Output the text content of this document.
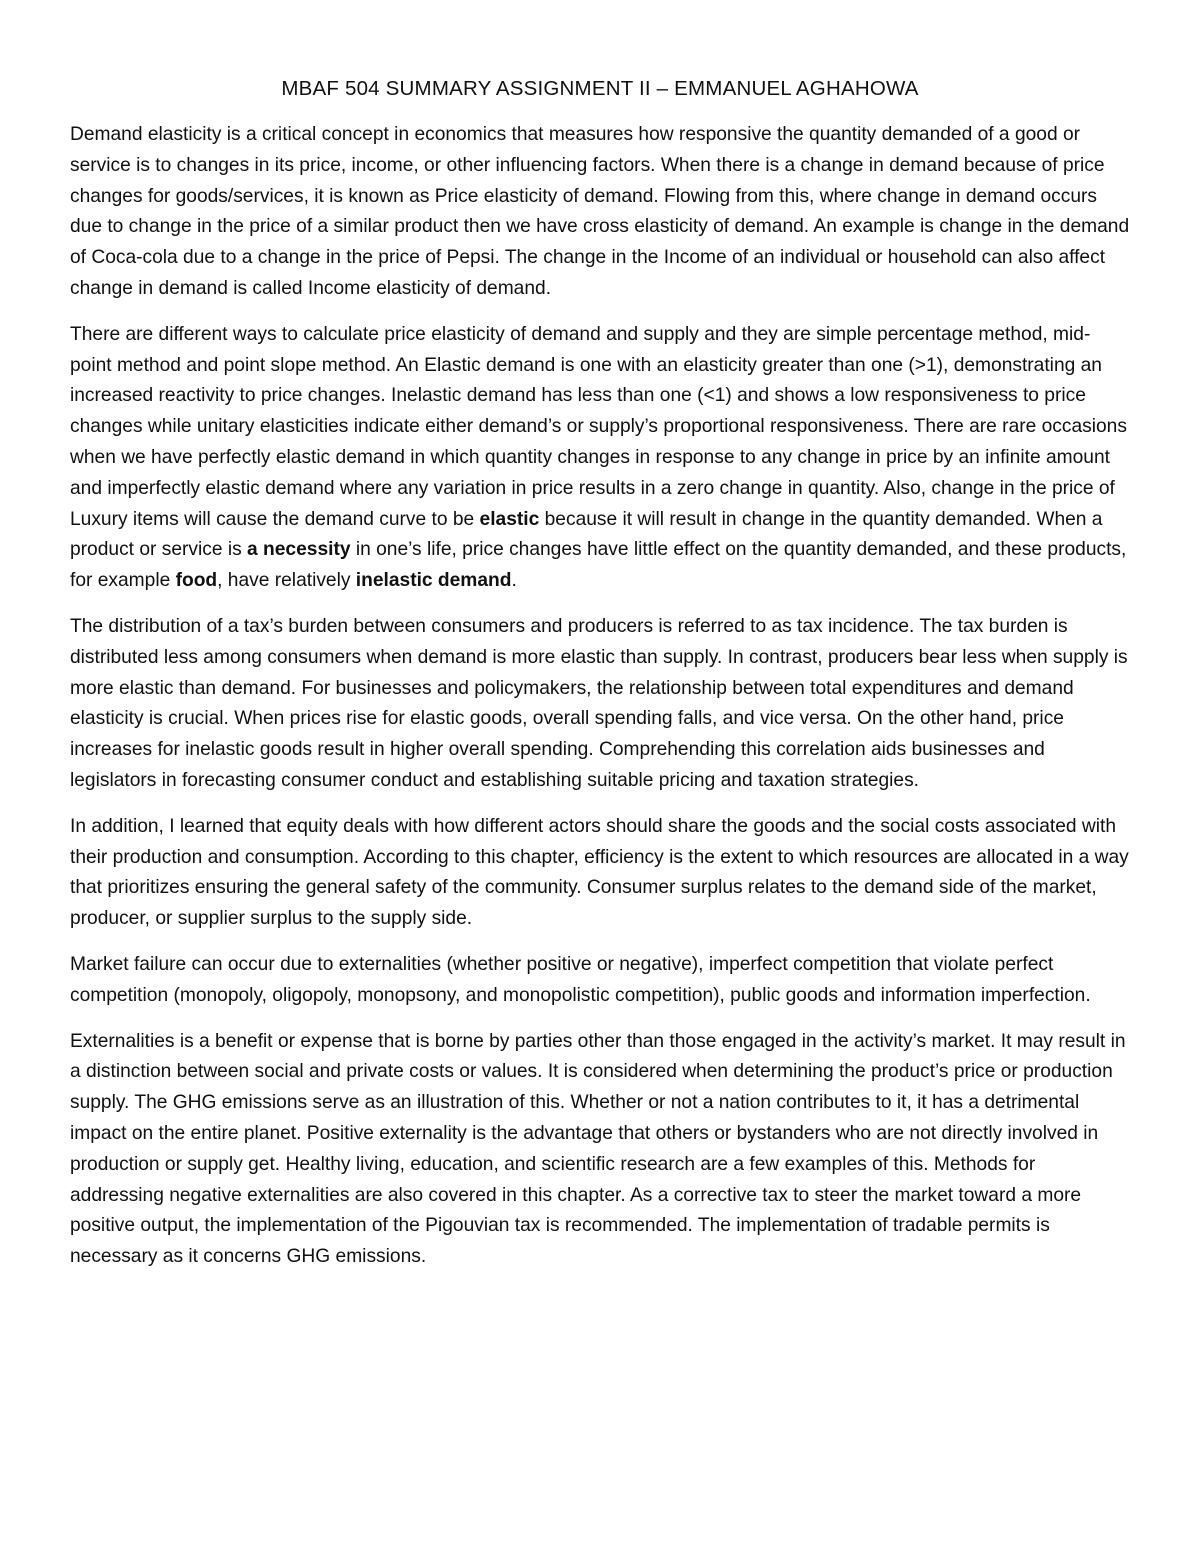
MBAF 504 SUMMARY ASSIGNMENT II – EMMANUEL AGHAHOWA

Demand elasticity is a critical concept in economics that measures how responsive the quantity demanded of a good or service is to changes in its price, income, or other influencing factors. When there is a change in demand because of price changes for goods/services, it is known as Price elasticity of demand. Flowing from this, where change in demand occurs due to change in the price of a similar product then we have cross elasticity of demand. An example is change in the demand of Coca-cola due to a change in the price of Pepsi. The change in the Income of an individual or household can also affect change in demand is called Income elasticity of demand.

There are different ways to calculate price elasticity of demand and supply and they are simple percentage method, mid-point method and point slope method. An Elastic demand is one with an elasticity greater than one (>1), demonstrating an increased reactivity to price changes. Inelastic demand has less than one (<1) and shows a low responsiveness to price changes while unitary elasticities indicate either demand’s or supply’s proportional responsiveness. There are rare occasions when we have perfectly elastic demand in which quantity changes in response to any change in price by an infinite amount and imperfectly elastic demand where any variation in price results in a zero change in quantity. Also, change in the price of Luxury items will cause the demand curve to be elastic because it will result in change in the quantity demanded. When a product or service is a necessity in one’s life, price changes have little effect on the quantity demanded, and these products, for example food, have relatively inelastic demand.

The distribution of a tax’s burden between consumers and producers is referred to as tax incidence. The tax burden is distributed less among consumers when demand is more elastic than supply. In contrast, producers bear less when supply is more elastic than demand. For businesses and policymakers, the relationship between total expenditures and demand elasticity is crucial. When prices rise for elastic goods, overall spending falls, and vice versa. On the other hand, price increases for inelastic goods result in higher overall spending. Comprehending this correlation aids businesses and legislators in forecasting consumer conduct and establishing suitable pricing and taxation strategies.

In addition, I learned that equity deals with how different actors should share the goods and the social costs associated with their production and consumption. According to this chapter, efficiency is the extent to which resources are allocated in a way that prioritizes ensuring the general safety of the community. Consumer surplus relates to the demand side of the market, producer, or supplier surplus to the supply side.

Market failure can occur due to externalities (whether positive or negative), imperfect competition that violate perfect competition (monopoly, oligopoly, monopsony, and monopolistic competition), public goods and information imperfection.

Externalities is a benefit or expense that is borne by parties other than those engaged in the activity’s market. It may result in a distinction between social and private costs or values. It is considered when determining the product’s price or production supply. The GHG emissions serve as an illustration of this. Whether or not a nation contributes to it, it has a detrimental impact on the entire planet. Positive externality is the advantage that others or bystanders who are not directly involved in production or supply get. Healthy living, education, and scientific research are a few examples of this. Methods for addressing negative externalities are also covered in this chapter. As a corrective tax to steer the market toward a more positive output, the implementation of the Pigouvian tax is recommended. The implementation of tradable permits is necessary as it concerns GHG emissions.
